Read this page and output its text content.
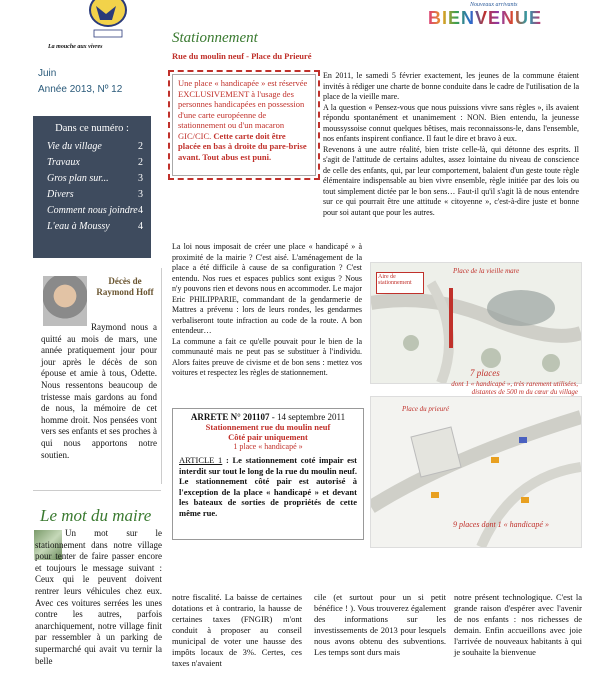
La mouche aux vivres
Juin
Année 2013, Nº 12
Dans ce numéro :
Vie du village	2
Travaux	2
Gros plan sur...	3
Divers	3
Comment nous joindre 4
L'eau à Moussy	4
Décès de Raymond Hoff
Raymond nous a quitté au mois de mars, une année pratiquement jour pour jour après le décès de son épouse et amie à tous, Odette. Nous ressentons beaucoup de tristesse mais gardons au fond de nous, la mémoire de cet homme droit. Nos pensées vont vers ses enfants et ses proches à qui nous apportons notre soutien.
Le mot du maire
Un mot sur le stationnement dans notre village pour tenter de faire passer encore et toujours le message suivant : Ceux qui le peuvent doivent rentrer leurs véhicules chez eux. Avec ces voitures serrées les unes contre les autres, parfois anarchiquement, notre village finit par ressembler à un parking de supermarché qui avait vu ternir la belle
Nouveaux arrivants
BIENVENUE
Stationnement
Rue du moulin neuf - Place du Prieuré
Une place « handicapée » est réservée EXCLUSIVEMENT à l'usage des personnes handicapées en possession d'une carte européenne de stationnement ou d'un macaron GIC/CIC. Cette carte doit être placée en bas à droite du pare-brise avant. Tout abus est puni.
En 2011, le samedi 5 février exactement, les jeunes de la commune étaient invités à rédiger une charte de bonne conduite dans le cadre de l'utilisation de la place de la vieille mare.
A la question « Pensez-vous que nous puissions vivre sans règles », ils avaient répondu spontanément et unanimement : NON. Bien entendu, la jeunesse moussyssoise connut quelques bêtises, mais reconnaissons-le, dans l'ensemble, nos enfants inspirent confiance. Il faut le dire et bravo à eux.
Revenons à une autre réalité, bien triste celle-là, qui détonne des esprits. Il s'agit de l'attitude de certains adultes, assez lointaine du niveau de conscience de celle des enfants, qui, par leur comportement, balaient d'un geste toute règle élémentaire indispensable au bien vivre ensemble, règle initiée par des lois ou tout simplement dictée par le bon sens… Faut-il qu'il s'agit là de nous entendre sur ce qui pourrait être une attitude « citoyenne », c'est-à-dire juste et bonne pour soi autant que pour les autres.
La loi nous imposait de créer une place « handicapé » à proximité de la mairie ? C'est aisé. L'aménagement de la place a été difficile à cause de sa configuration ? C'est entendu. Nos rues et espaces publics sont exigus ? Nous n'y pouvons rien et devons nous en accommoder. Le major Eric PHILIPPARIE, commandant de la gendarmerie de Mattres a prévenu : lors de leurs rondes, les gendarmes verbaliseront toute infraction au code de la route. A bon entendeur…
La commune a fait ce qu'elle pouvait pour le bien de la communauté mais ne peut pas se substituer à l'individu. Alors faites preuve de civisme et de bon sens : mettez vos voitures et respectez les règles de stationnement.
Place de la vieille mare
Aire de stationnement
7 places
dont 1 « handicapé », très rarement utilisées, distantes de 500 m du cœur du village
Place du prieuré
9 places dont 1 « handicapé »
ARRETE N° 201107 - 14 septembre 2011
Stationnement rue du moulin neuf
Côté pair uniquement
1 place « handicapé »
ARTICLE 1 : Le stationnement coté impair est interdit sur tout le long de la rue du moulin neuf. Le stationnement côté pair est autorisé à l'exception de la place « handicapé » et devant les bateaux de sorties de propriétés de cette même rue.
notre fiscalité. La baisse de certaines dotations et à contrario, la hausse de certaines taxes (FNGIR) m'ont conduit à proposer au conseil municipal de voter une hausse des impôts locaux de 3%. Certes, ces taxes n'avaient
cile (et surtout pour un si petit bénéfice ! ). Vous trouverez également des informations sur les investissements de 2013 pour lesquels nous avons obtenu des subventions. Les temps sont durs mais
notre présent technologique. C'est la grande raison d'espérer avec l'avenir de nos enfants : nos richesses de demain. Enfin accueillons avec joie l'arrivée de nouveaux habitants à qui je souhaite la bienvenue
